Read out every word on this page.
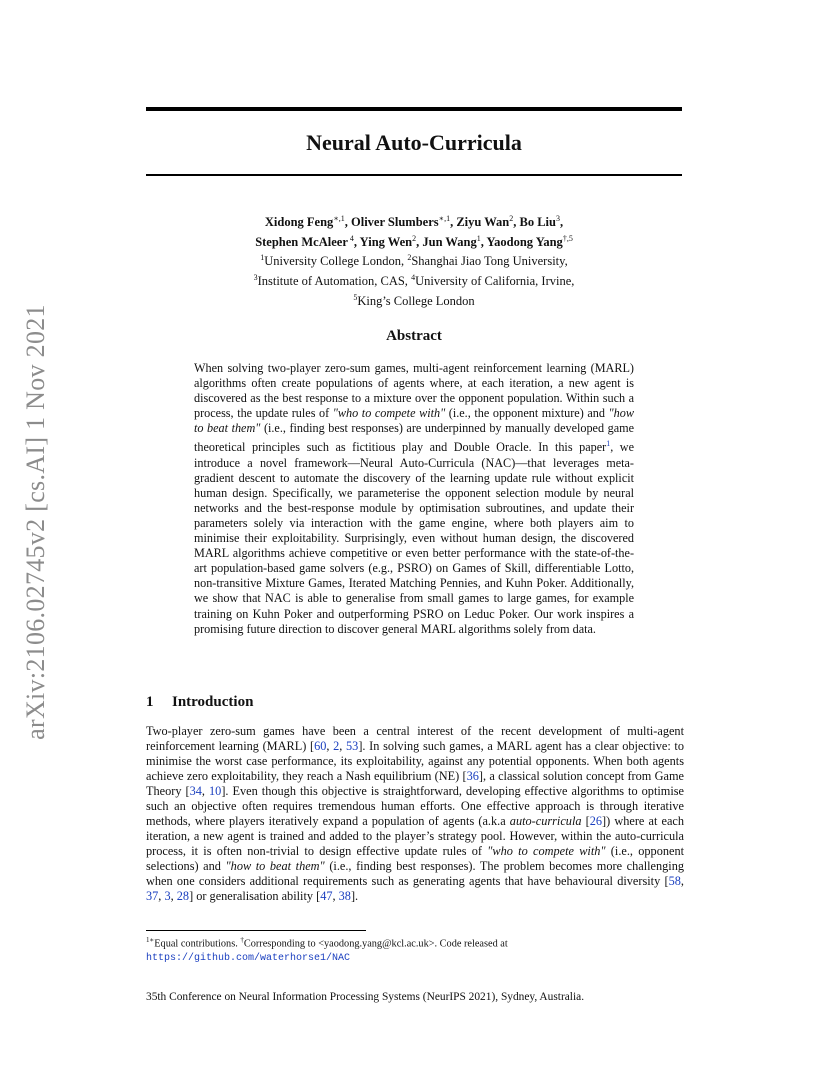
arXiv:2106.02745v2 [cs.AI] 1 Nov 2021
Neural Auto-Curricula
Xidong Feng$^{∗,1}$, Oliver Slumbers$^{∗,1}$, Ziyu Wan$^2$, Bo Liu$^3$,
Stephen McAleer $^4$, Ying Wen$^2$, Jun Wang$^1$, Yaodong Yang$^{\dagger,5}$
$^1$University College London, $^2$Shanghai Jiao Tong University,
$^3$Institute of Automation, CAS, $^4$University of California, Irvine,
$^5$King’s College London
Abstract
When solving two-player zero-sum games, multi-agent reinforcement learning (MARL) algorithms often create populations of agents where, at each iteration, a new agent is discovered as the best response to a mixture over the opponent population. Within such a process, the update rules of "who to compete with" (i.e., the opponent mixture) and "how to beat them" (i.e., finding best responses) are underpinned by manually developed game theoretical principles such as fictitious play and Double Oracle. In this paper$^1$, we introduce a novel framework—Neural Auto-Curricula (NAC)—that leverages meta-gradient descent to automate the discovery of the learning update rule without explicit human design. Specifically, we parameterise the opponent selection module by neural networks and the best-response module by optimisation subroutines, and update their parameters solely via interaction with the game engine, where both players aim to minimise their exploitability. Surprisingly, even without human design, the discovered MARL algorithms achieve competitive or even better performance with the state-of-the-art population-based game solvers (e.g., PSRO) on Games of Skill, differentiable Lotto, non-transitive Mixture Games, Iterated Matching Pennies, and Kuhn Poker. Additionally, we show that NAC is able to generalise from small games to large games, for example training on Kuhn Poker and outperforming PSRO on Leduc Poker. Our work inspires a promising future direction to discover general MARL algorithms solely from data.
1 Introduction
Two-player zero-sum games have been a central interest of the recent development of multi-agent reinforcement learning (MARL) [60, 2, 53]. In solving such games, a MARL agent has a clear objective: to minimise the worst case performance, its exploitability, against any potential opponents. When both agents achieve zero exploitability, they reach a Nash equilibrium (NE) [36], a classical solution concept from Game Theory [34, 10]. Even though this objective is straightforward, developing effective algorithms to optimise such an objective often requires tremendous human efforts. One effective approach is through iterative methods, where players iteratively expand a population of agents (a.k.a auto-curricula [26]) where at each iteration, a new agent is trained and added to the player’s strategy pool. However, within the auto-curricula process, it is often non-trivial to design effective update rules of "who to compete with" (i.e., opponent selections) and "how to beat them" (i.e., finding best responses). The problem becomes more challenging when one considers additional requirements such as generating agents that have behavioural diversity [58, 37, 3, 28] or generalisation ability [47, 38].
$^{1∗}$Equal contributions. †Corresponding to <yaodong.yang@kcl.ac.uk>. Code released at https://github.com/waterhorse1/NAC
35th Conference on Neural Information Processing Systems (NeurIPS 2021), Sydney, Australia.
